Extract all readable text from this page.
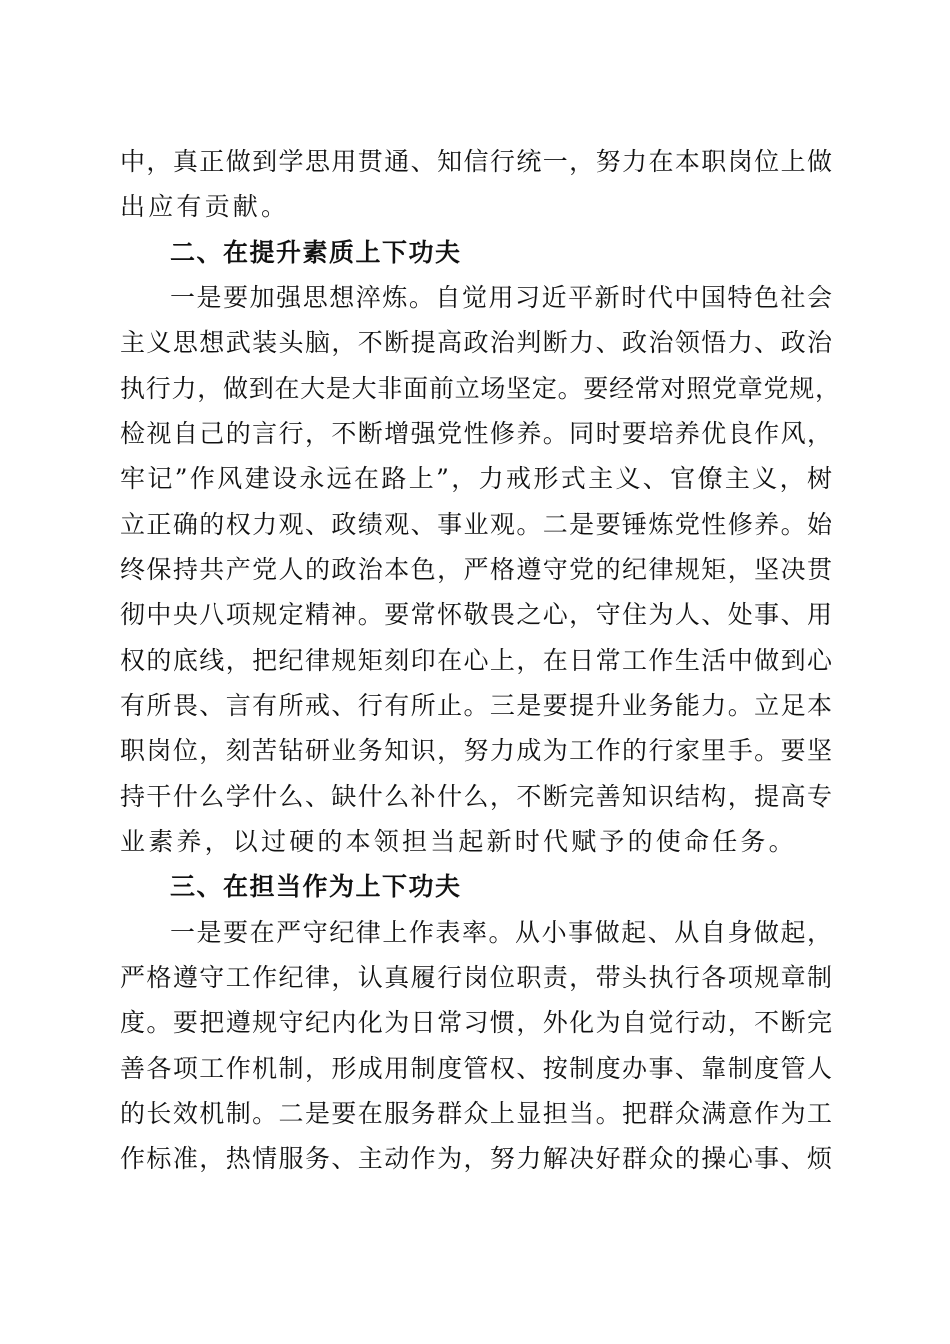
中，真正做到学思用贯通、知信行统一，努力在本职岗位上做
出应有贡献。
二、在提升素质上下功夫
一是要加强思想淬炼。自觉用习近平新时代中国特色社会
主义思想武装头脑，不断提高政治判断力、政治领悟力、政治
执行力，做到在大是大非面前立场坚定。要经常对照党章党规，
检视自己的言行，不断增强党性修养。同时要培养优良作风，
牢记”作风建设永远在路上”，力戒形式主义、官僚主义，树
立正确的权力观、政绩观、事业观。二是要锤炼党性修养。始
终保持共产党人的政治本色，严格遵守党的纪律规矩，坚决贯
彻中央八项规定精神。要常怀敬畏之心，守住为人、处事、用
权的底线，把纪律规矩刻印在心上，在日常工作生活中做到心
有所畏、言有所戒、行有所止。三是要提升业务能力。立足本
职岗位，刻苦钻研业务知识，努力成为工作的行家里手。要坚
持干什么学什么、缺什么补什么，不断完善知识结构，提高专
业素养，以过硬的本领担当起新时代赋予的使命任务。
三、在担当作为上下功夫
一是要在严守纪律上作表率。从小事做起、从自身做起，
严格遵守工作纪律，认真履行岗位职责，带头执行各项规章制
度。要把遵规守纪内化为日常习惯，外化为自觉行动，不断完
善各项工作机制，形成用制度管权、按制度办事、靠制度管人
的长效机制。二是要在服务群众上显担当。把群众满意作为工
作标准，热情服务、主动作为，努力解决好群众的操心事、烦
